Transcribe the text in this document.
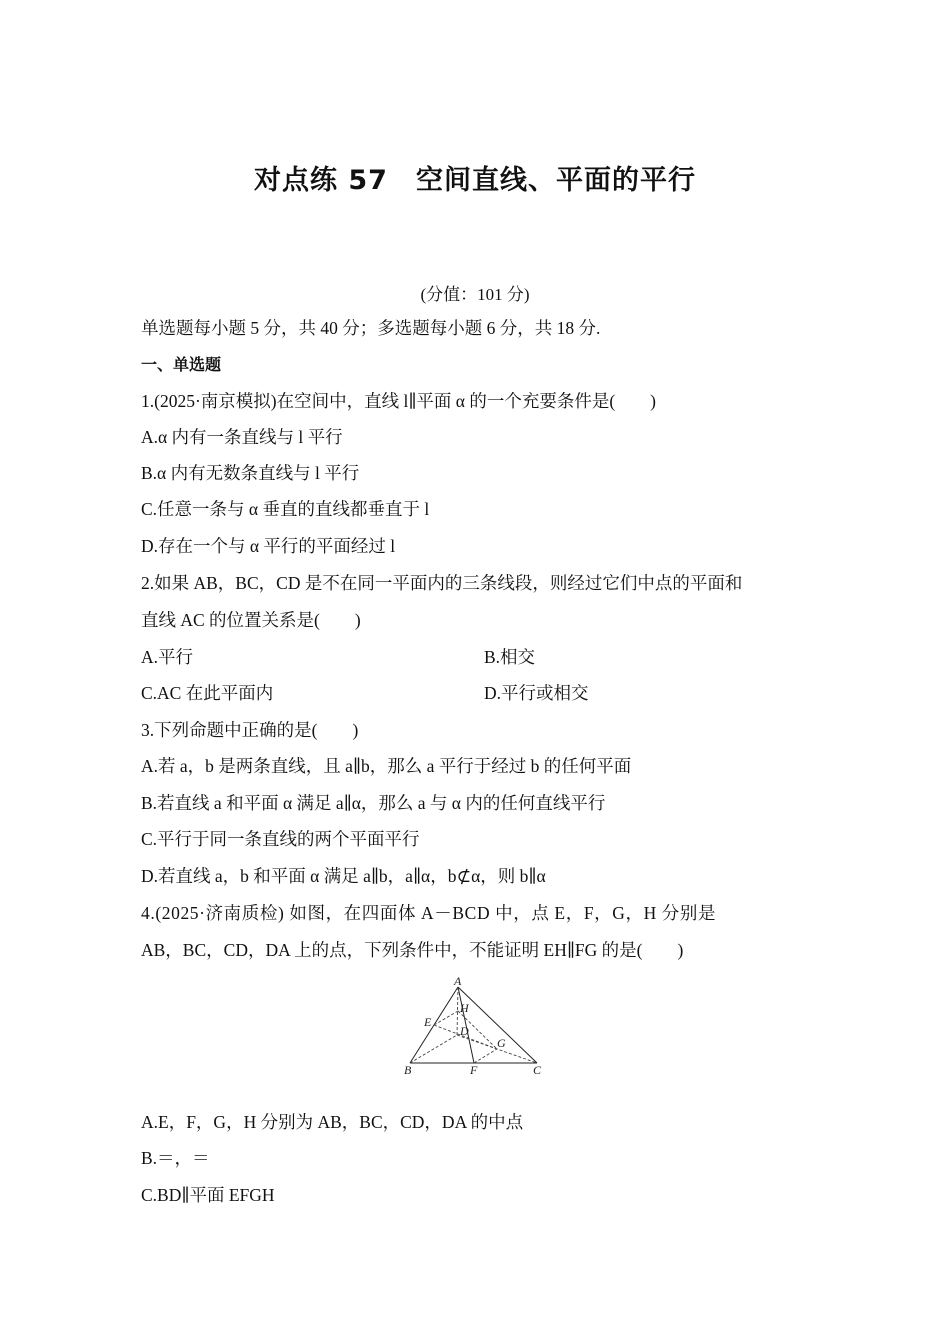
对点练 57　空间直线、平面的平行
(分值：101 分)
单选题每小题 5 分，共 40 分；多选题每小题 6 分，共 18 分.
一、单选题
1.(2025·南京模拟)在空间中，直线 l∥平面 α 的一个充要条件是(　　)
A.α 内有一条直线与 l 平行
B.α 内有无数条直线与 l 平行
C.任意一条与 α 垂直的直线都垂直于 l
D.存在一个与 α 平行的平面经过 l
2.如果 AB，BC，CD 是不在同一平面内的三条线段，则经过它们中点的平面和
直线 AC 的位置关系是(　　)
A.平行	B.相交
C.AC 在此平面内	D.平行或相交
3.下列命题中正确的是(　　)
A.若 a，b 是两条直线，且 a∥b，那么 a 平行于经过 b 的任何平面
B.若直线 a 和平面 α 满足 a∥α，那么 a 与 α 内的任何直线平行
C.平行于同一条直线的两个平面平行
D.若直线 a，b 和平面 α 满足 a∥b，a∥α，b⊄α，则 b∥α
4.(2025·济南质检) 如图，在四面体 A－BCD 中，点 E，F，G，H 分别是
AB，BC，CD，DA 上的点，下列条件中，不能证明 EH∥FG 的是(　　)
A
B	C
D
E
F
G
H
A.E，F，G，H 分别为 AB，BC，CD，DA 的中点
B.＝，＝
C.BD∥平面 EFGH
